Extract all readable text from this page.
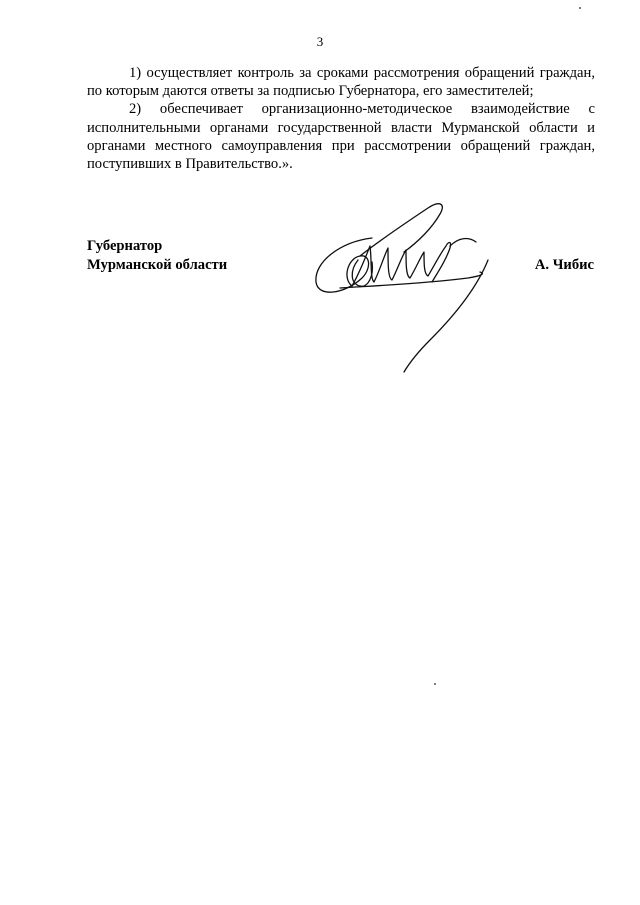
3

1) осуществляет контроль за сроками рассмотрения обращений граждан, по которым даются ответы за подписью Губернатора, его заместителей;

2) обеспечивает организационно-методическое взаимодействие с исполнительными органами государственной власти Мурманской области и органами местного самоуправления при рассмотрении обращений граждан, поступивших в Правительство.».

Губернатор
Мурманской области	А. Чибис
